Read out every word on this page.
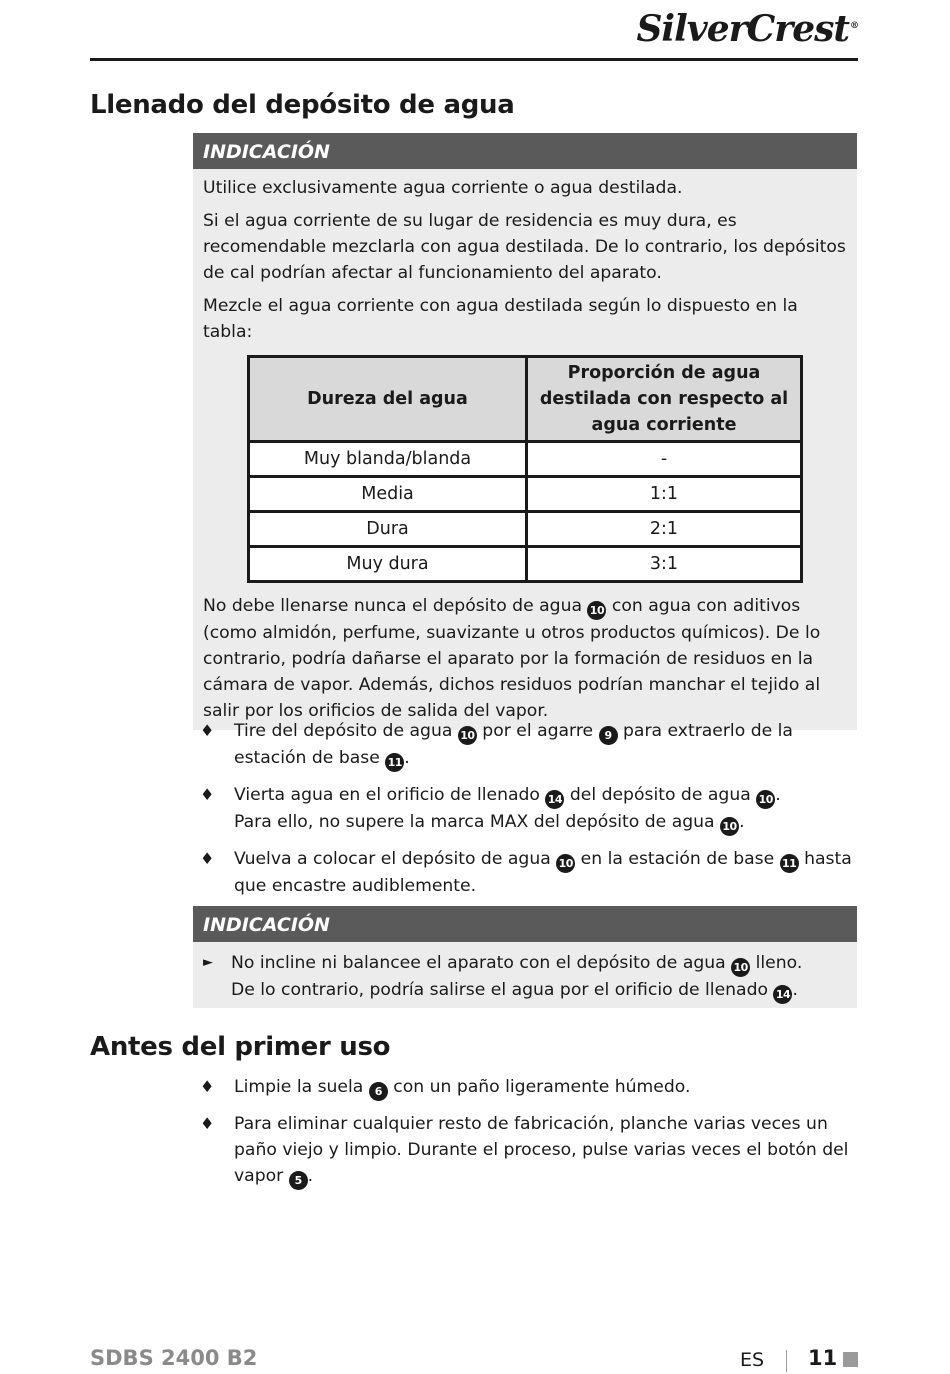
SilverCrest®
Llenado del depósito de agua
INDICACIÓN

Utilice exclusivamente agua corriente o agua destilada.

Si el agua corriente de su lugar de residencia es muy dura, es recomendable mezclarla con agua destilada. De lo contrario, los depósitos de cal podrían afectar al funcionamiento del aparato.

Mezcle el agua corriente con agua destilada según lo dispuesto en la tabla:

Dureza del agua	Proporción de agua destilada con respecto al agua corriente
Muy blanda/blanda	-
Media	1:1
Dura	2:1
Muy dura	3:1

No debe llenarse nunca el depósito de agua 10 con agua con aditivos (como almidón, perfume, suavizante u otros productos químicos). De lo contrario, podría dañarse el aparato por la formación de residuos en la cámara de vapor. Además, dichos residuos podrían manchar el tejido al salir por los orificios de salida del vapor.

♦ Tire del depósito de agua 10 por el agarre 9 para extraerlo de la estación de base 11 .
♦ Vierta agua en el orificio de llenado 14 del depósito de agua 10 .
Para ello, no supere la marca MAX del depósito de agua 10 .
♦ Vuelva a colocar el depósito de agua 10 en la estación de base 11 hasta que encastre audiblemente.
INDICACIÓN
► No incline ni balancee el aparato con el depósito de agua 10 lleno.
De lo contrario, podría salirse el agua por el orificio de llenado 14 .
Antes del primer uso
♦ Limpie la suela 6 con un paño ligeramente húmedo.
♦ Para eliminar cualquier resto de fabricación, planche varias veces un paño viejo y limpio. Durante el proceso, pulse varias veces el botón del vapor 5 .
SDBS 2400 B2	ES 11
